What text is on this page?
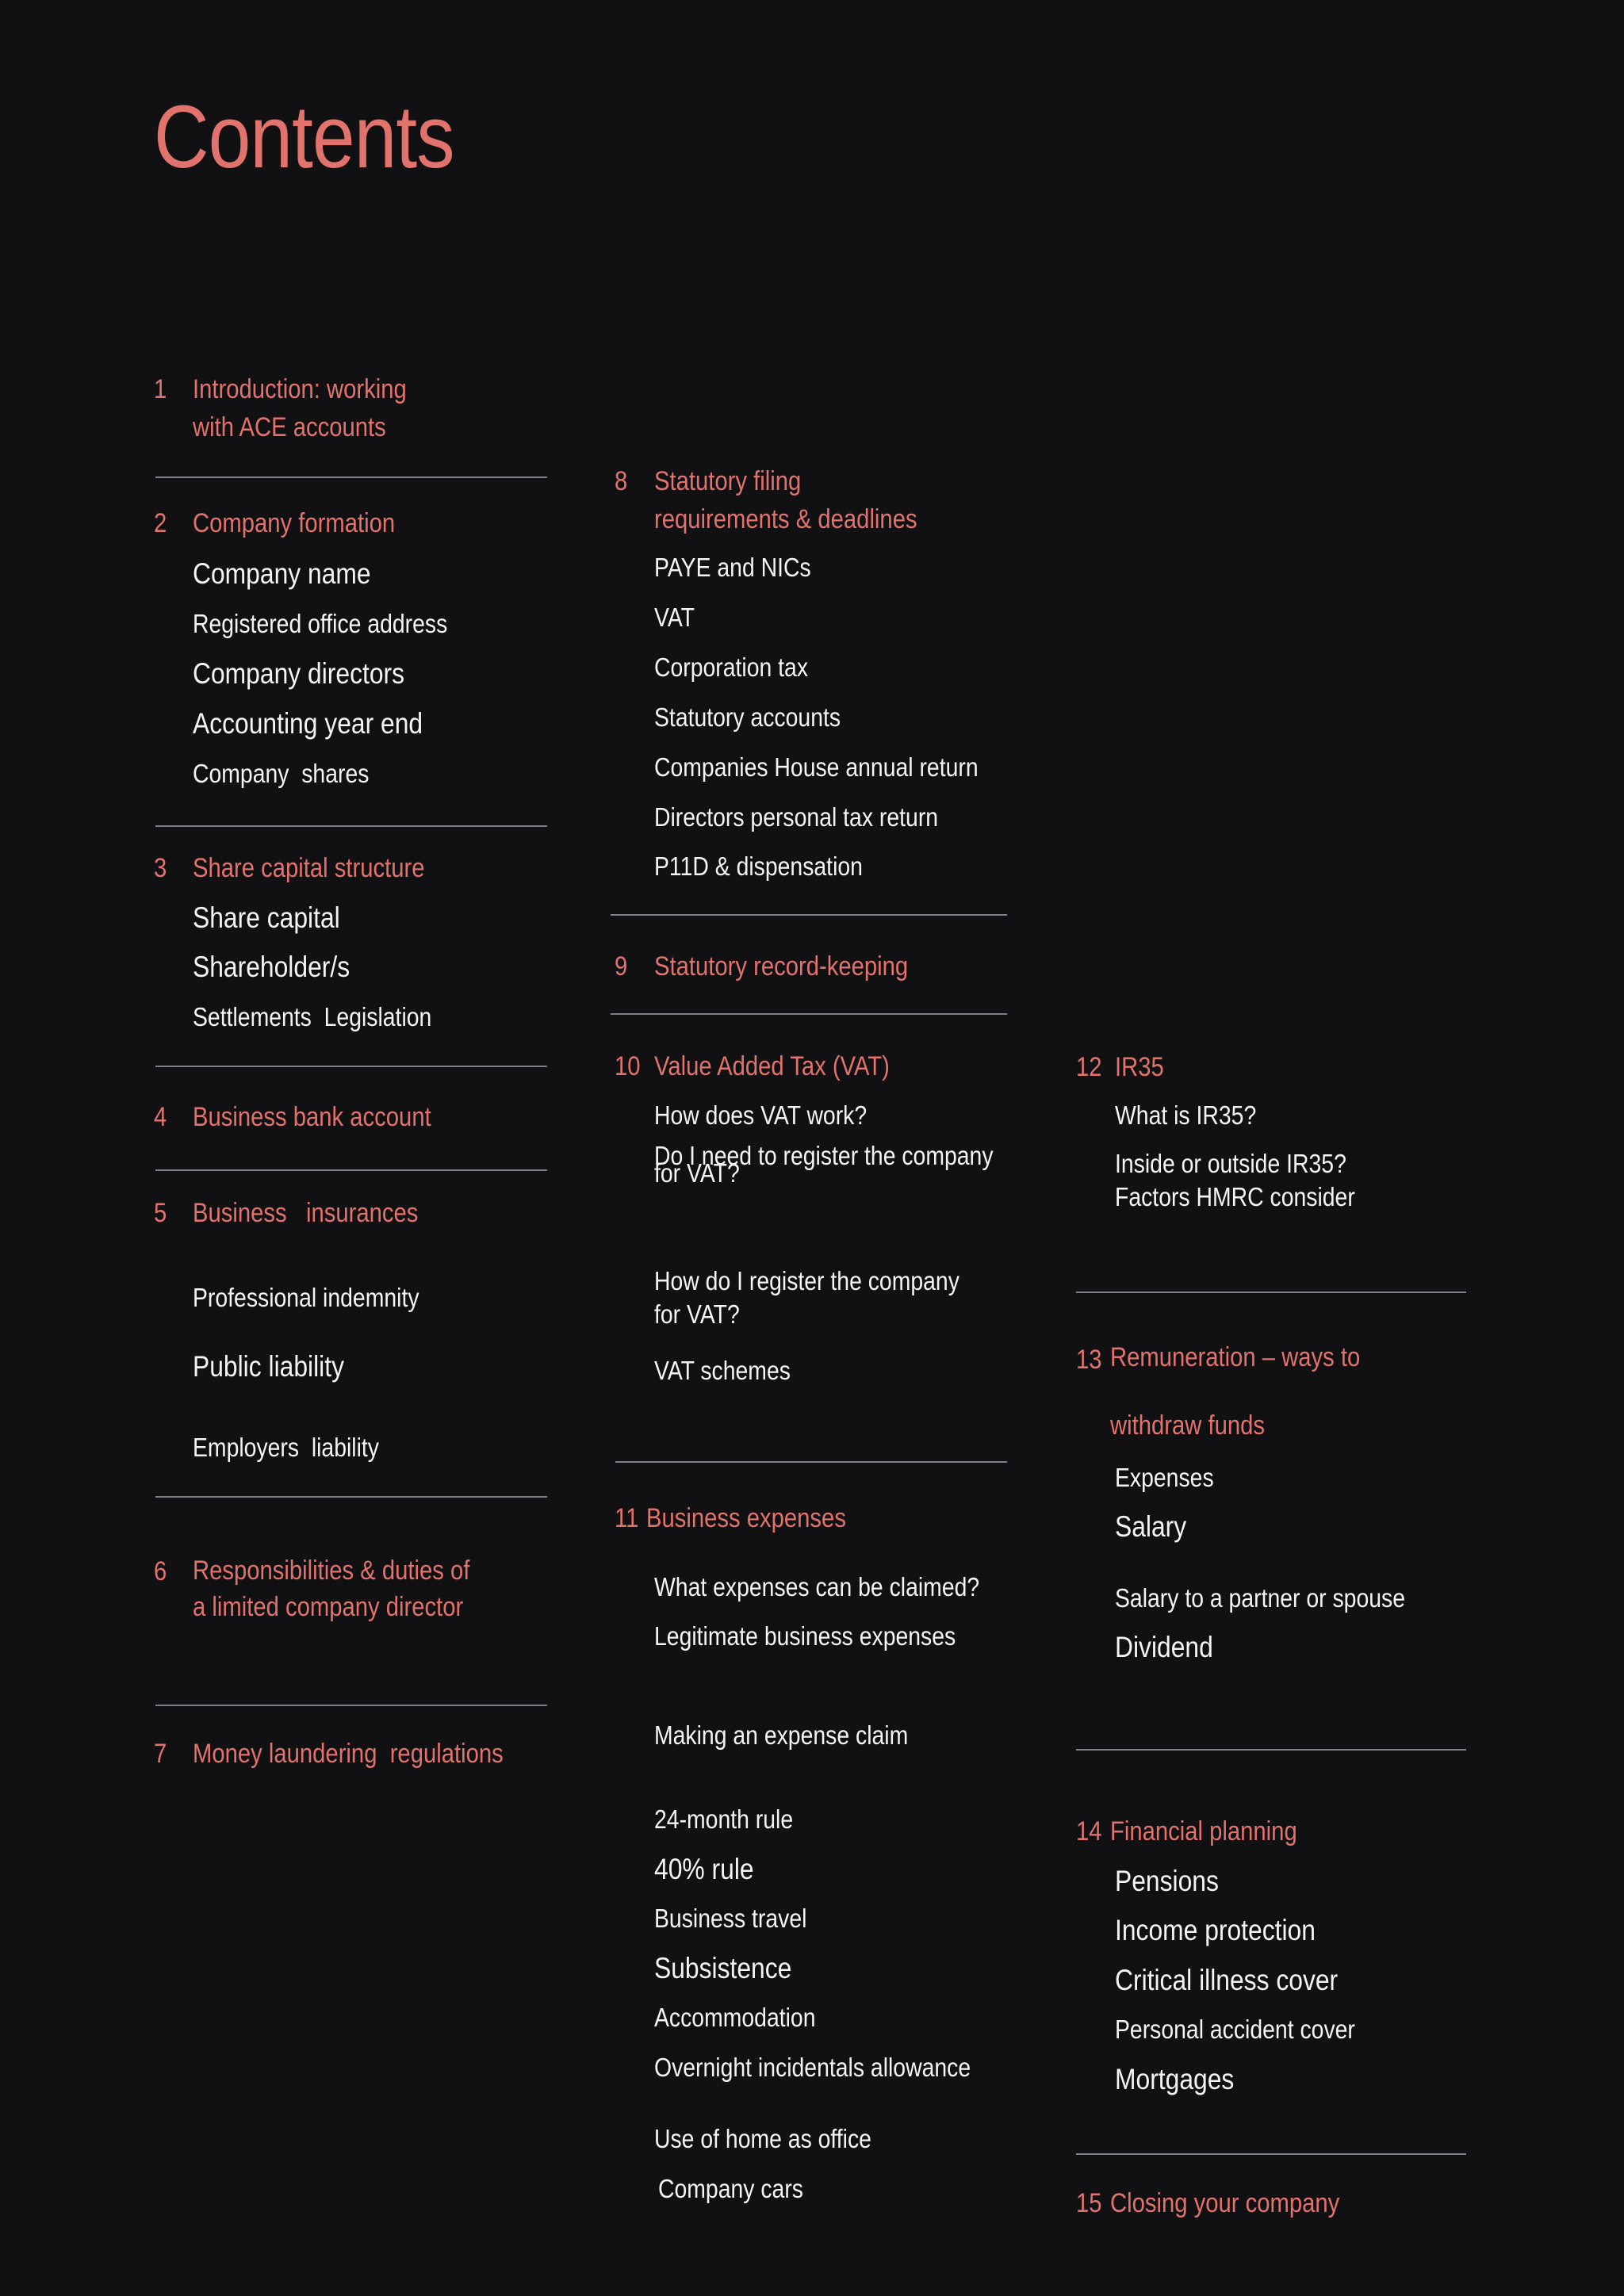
Contents
1 Introduction: working
with ACE accounts
2 Company formation
Company name
Registered office address
Company directors
Accounting year end
Company  shares
3 Share capital structure
Share capital
Shareholder/s
Settlements  Legislation
4 Business bank account
5 Business   insurances
Professional indemnity
Public liability
Employers  liability
6 Responsibilities & duties of
a limited company director
7 Money laundering  regulations
8 Statutory filing
requirements & deadlines
PAYE and NICs
VAT
Corporation tax
Statutory accounts
Companies House annual return
Directors personal tax return
P11D & dispensation
9 Statutory record-keeping
10 Value Added Tax (VAT)
How does VAT work?
Do I need to register the company
for VAT?
How do I register the company
for VAT?
VAT schemes
11 Business expenses
What expenses can be claimed?
Legitimate business expenses
Making an expense claim
24-month rule
40% rule
Business travel
Subsistence
Accommodation
Overnight incidentals allowance
Use of home as office
Company cars
12 IR35
What is IR35?
Inside or outside IR35?
Factors HMRC consider
13 Remuneration – ways to

withdraw funds
Expenses
Salary
Salary to a partner or spouse
Dividend
14 Financial planning
Pensions
Income protection
Critical illness cover
Personal accident cover
Mortgages
15 Closing your company
